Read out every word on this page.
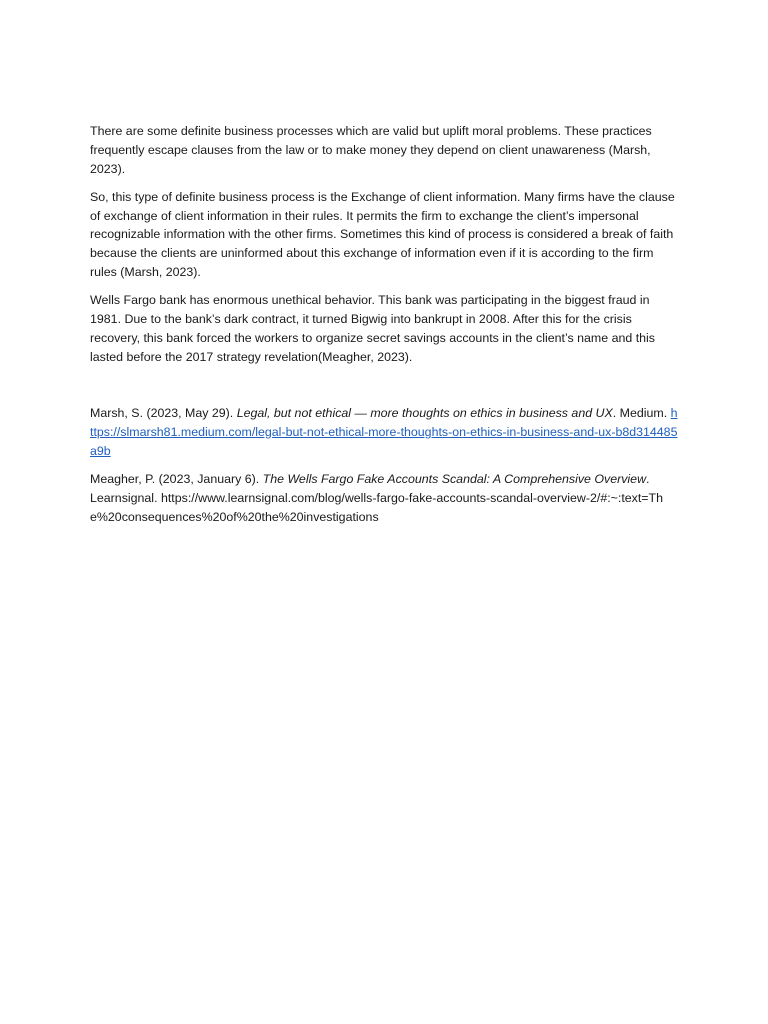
There are some definite business processes which are valid but uplift moral problems. These practices frequently escape clauses from the law or to make money they depend on client unawareness (Marsh, 2023).

So, this type of definite business process is the Exchange of client information. Many firms have the clause of exchange of client information in their rules. It permits the firm to exchange the client’s impersonal recognizable information with the other firms. Sometimes this kind of process is considered a break of faith because the clients are uninformed about this exchange of information even if it is according to the firm rules (Marsh, 2023).

Wells Fargo bank has enormous unethical behavior. This bank was participating in the biggest fraud in 1981. Due to the bank’s dark contract, it turned Bigwig into bankrupt in 2008. After this for the crisis recovery, this bank forced the workers to organize secret savings accounts in the client’s name and this lasted before the 2017 strategy revelation(Meagher, 2023).

Marsh, S. (2023, May 29). Legal, but not ethical — more thoughts on ethics in business and UX. Medium. https://slmarsh81.medium.com/legal-but-not-ethical-more-thoughts-on-ethics-in-business-and-ux-b8d314485a9b

Meagher, P. (2023, January 6). The Wells Fargo Fake Accounts Scandal: A Comprehensive Overview. Learnsignal. https://www.learnsignal.com/blog/wells-fargo-fake-accounts-scandal-overview-2/#:~:text=The%20consequences%20of%20the%20investigations
